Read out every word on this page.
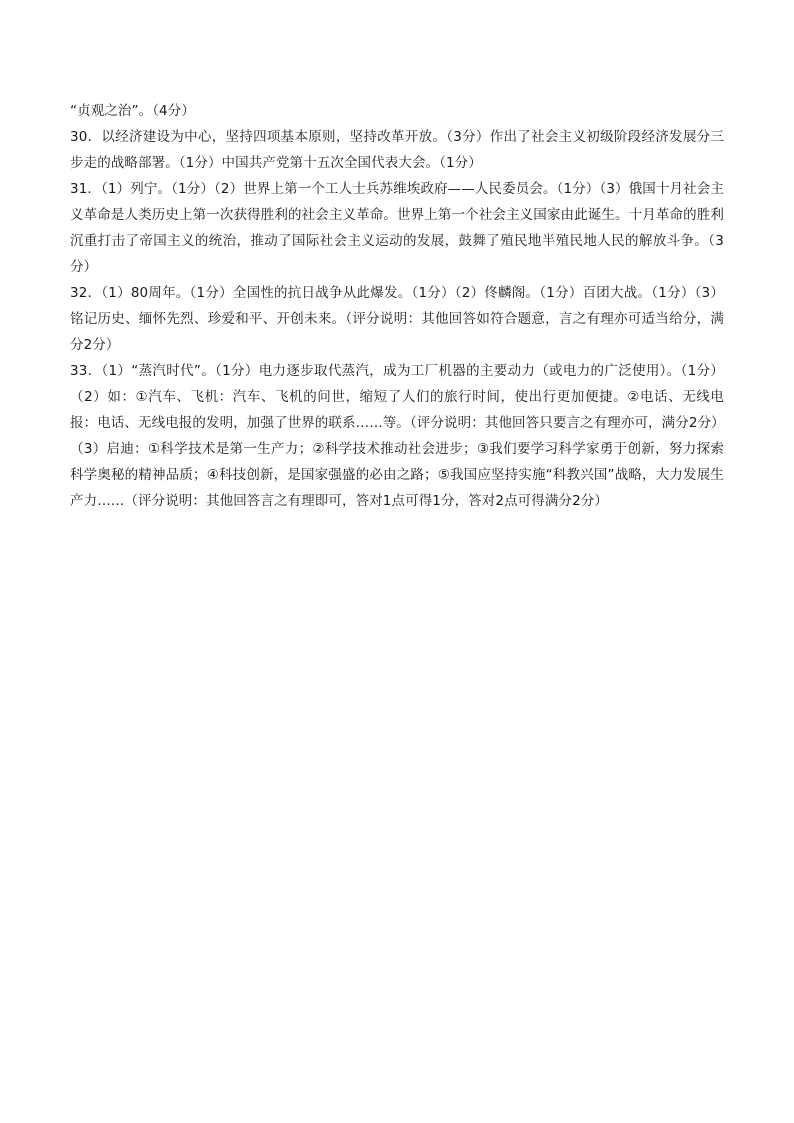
“贞观之治”。（4分）

30．以经济建设为中心，坚持四项基本原则，坚持改革开放。（3分）作出了社会主义初级阶段经济发展分三步走的战略部署。（1分）中国共产党第十五次全国代表大会。（1分）

31．（1）列宁。（1分）（2）世界上第一个工人士兵苏维埃政府——人民委员会。（1分）（3）俄国十月社会主义革命是人类历史上第一次获得胜利的社会主义革命。世界上第一个社会主义国家由此诞生。十月革命的胜利沉重打击了帝国主义的统治，推动了国际社会主义运动的发展，鼓舞了殖民地半殖民地人民的解放斗争。（3分）

32．（1）80周年。（1分）全国性的抗日战争从此爆发。（1分）（2）佟麟阁。（1分）百团大战。（1分）（3）铭记历史、缅怀先烈、珍爱和平、开创未来。（评分说明：其他回答如符合题意，言之有理亦可适当给分，满分2分）

33．（1）“蒸汽时代”。（1分）电力逐步取代蒸汽，成为工厂机器的主要动力（或电力的广泛使用）。（1分）（2）如：①汽车、飞机：汽车、飞机的问世，缩短了人们的旅行时间，使出行更加便捷。②电话、无线电报：电话、无线电报的发明，加强了世界的联系……等。（评分说明：其他回答只要言之有理亦可，满分2分）（3）启迪：①科学技术是第一生产力；②科学技术推动社会进步；③我们要学习科学家勇于创新，努力探索科学奥秘的精神品质；④科技创新，是国家强盛的必由之路；⑤我国应坚持实施“科教兴国”战略，大力发展生产力……（评分说明：其他回答言之有理即可，答对1点可得1分，答对2点可得满分2分）
